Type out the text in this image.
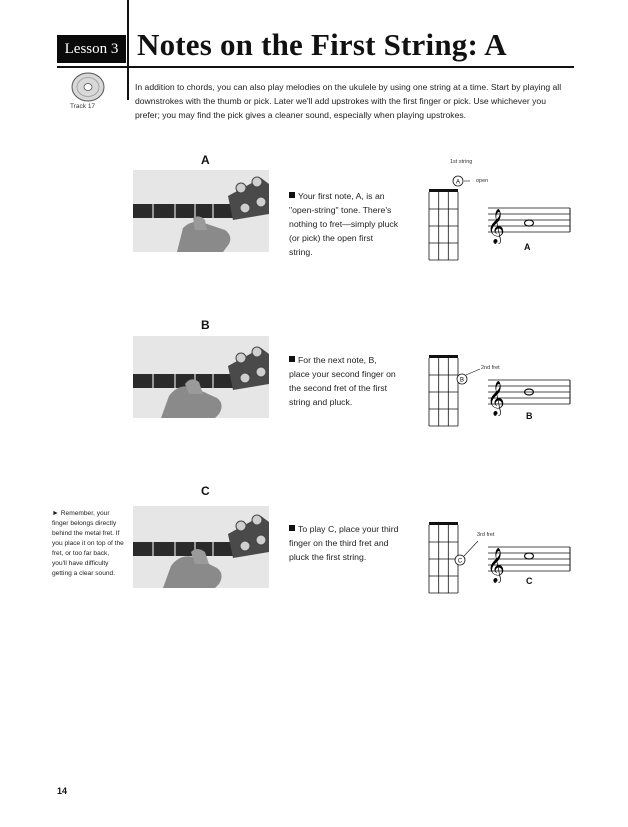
Lesson 3 Notes on the First String: A
Track 17
In addition to chords, you can also play melodies on the ukulele by using one string at a time. Start by playing all downstrokes with the thumb or pick. Later we'll add upstrokes with the first finger or pick. Use whichever you prefer; you may find the pick gives a cleaner sound, especially when playing upstrokes.
A
Your first note, A, is an "open-string" tone. There's nothing to fret—simply pluck (or pick) the open first string.
1st string
open
A
𝄞
A
B
For the next note, B, place your second finger on the second fret of the first string and pluck.
2nd fret
B
𝄞 B
C
To play C, place your third finger on the third fret and pluck the first string.
3rd fret
C 𝄞 C
► Remember, your finger belongs directly behind the metal fret. If you place it on top of the fret, or too far back, you'll have difficulty getting a clear sound.
14
